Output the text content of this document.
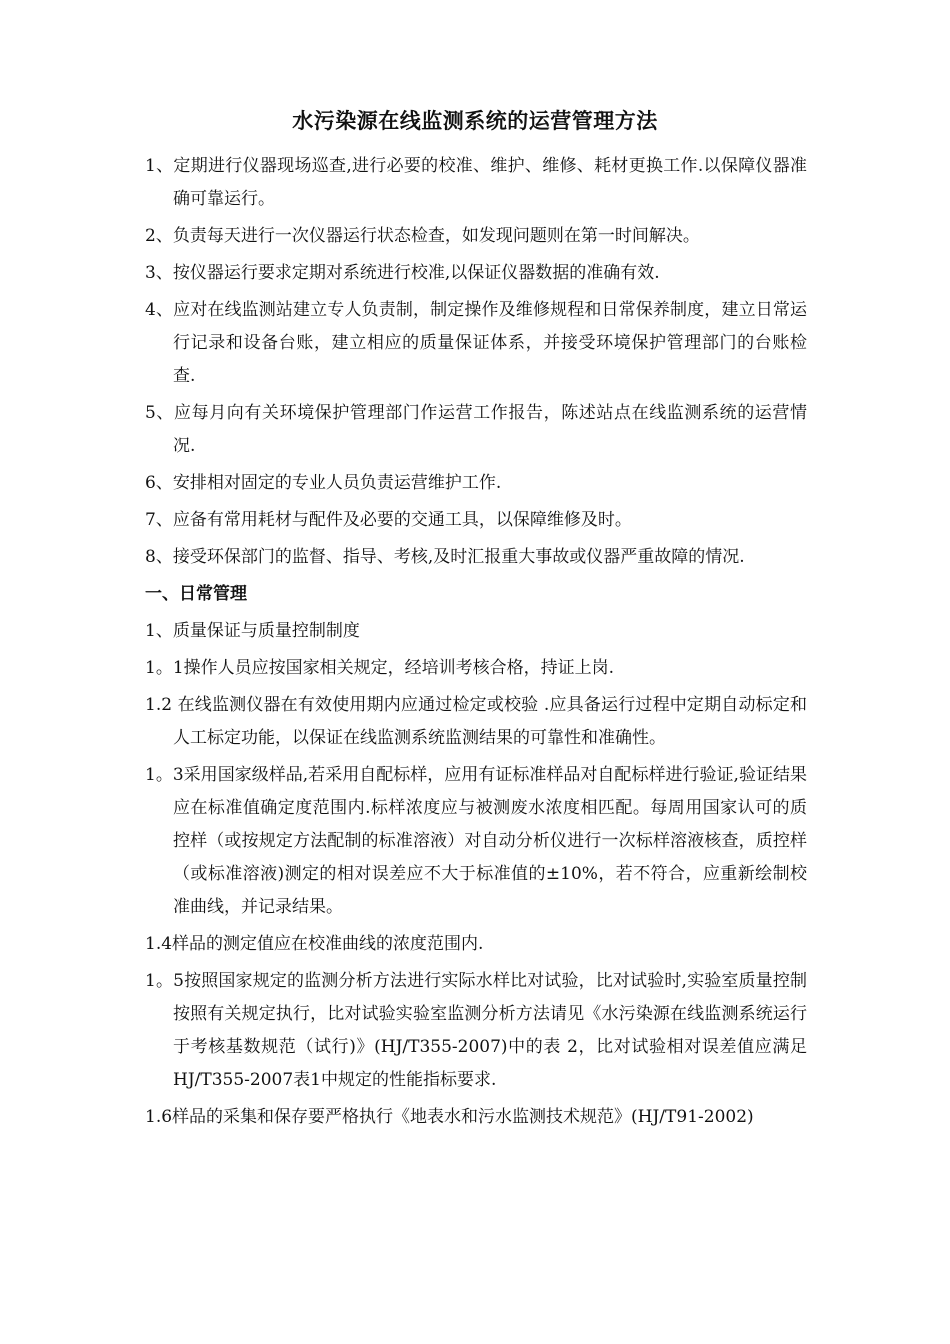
水污染源在线监测系统的运营管理方法

1、定期进行仪器现场巡查,进行必要的校准、维护、维修、耗材更换工作.以保障仪器准确可靠运行。

2、负责每天进行一次仪器运行状态检查，如发现问题则在第一时间解决。

3、按仪器运行要求定期对系统进行校准,以保证仪器数据的准确有效.

4、应对在线监测站建立专人负责制，制定操作及维修规程和日常保养制度，建立日常运行记录和设备台账，建立相应的质量保证体系，并接受环境保护管理部门的台账检查.

5、应每月向有关环境保护管理部门作运营工作报告，陈述站点在线监测系统的运营情况.

6、安排相对固定的专业人员负责运营维护工作.

7、应备有常用耗材与配件及必要的交通工具，以保障维修及时。

8、接受环保部门的监督、指导、考核,及时汇报重大事故或仪器严重故障的情况.

一、日常管理

1、质量保证与质量控制制度

1。1操作人员应按国家相关规定，经培训考核合格，持证上岗.

1.2 在线监测仪器在有效使用期内应通过检定或校验 .应具备运行过程中定期自动标定和人工标定功能，以保证在线监测系统监测结果的可靠性和准确性。

1。3采用国家级样品,若采用自配标样，应用有证标准样品对自配标样进行验证,验证结果应在标准值确定度范围内.标样浓度应与被测废水浓度相匹配。每周用国家认可的质控样（或按规定方法配制的标准溶液）对自动分析仪进行一次标样溶液核查，质控样（或标准溶液)测定的相对误差应不大于标准值的±10%，若不符合，应重新绘制校准曲线，并记录结果。

1.4样品的测定值应在校准曲线的浓度范围内.

1。5按照国家规定的监测分析方法进行实际水样比对试验，比对试验时,实验室质量控制按照有关规定执行，比对试验实验室监测分析方法请见《水污染源在线监测系统运行于考核基数规范（试行)》(HJ/T355-2007)中的表 2，比对试验相对误差值应满足HJ/T355-2007表1中规定的性能指标要求.

1.6样品的采集和保存要严格执行《地表水和污水监测技术规范》(HJ/T91-2002)
